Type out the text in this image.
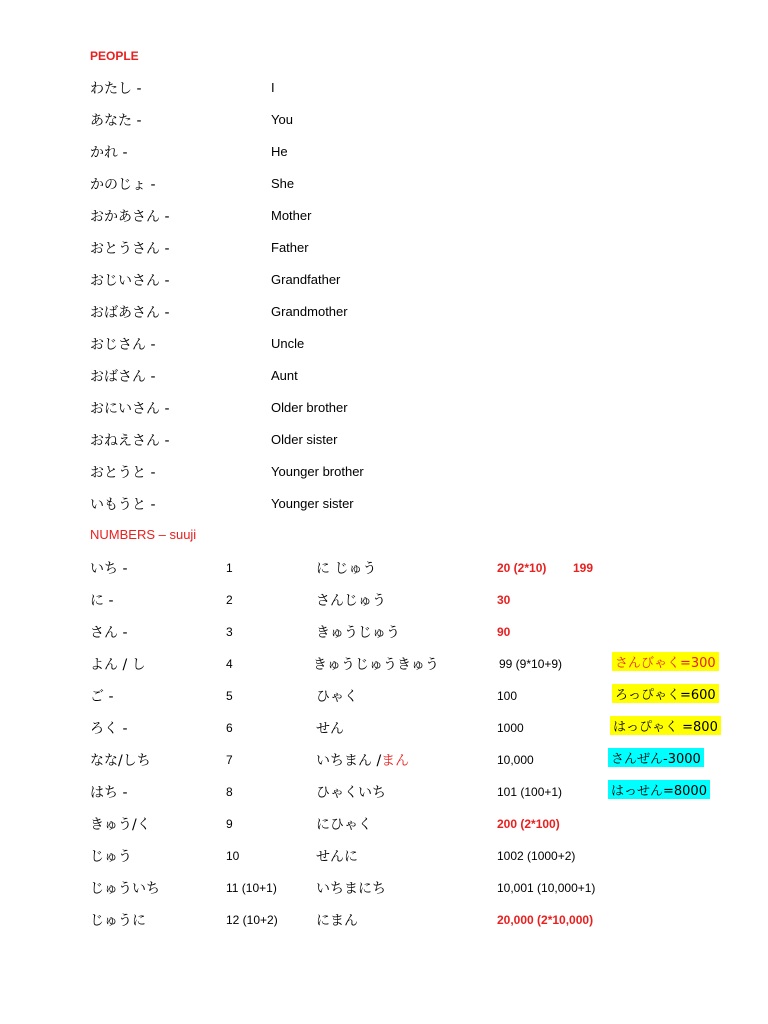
PEOPLE
わたし -	I
あなた -	You
かれ -	He
かのじょ -	She
おかあさん -	Mother
おとうさん -	Father
おじいさん -	Grandfather
おばあさん -	Grandmother
おじさん -	Uncle
おばさん -	Aunt
おにいさん -	Older brother
おねえさん -	Older sister
おとうと -	Younger brother
いもうと -	Younger sister
NUMBERS – suuji
いち -	1	に じゅう	20 (2*10) 199
に -	2	さんじゅう	30
さん -	3	きゅうじゅう	90
よん / し	4	きゅうじゅうきゅう	99 (9*10+9)	さんびゃく=300
ご -	5	ひゃく	100	ろっぴゃく=600
ろく -	6	せん	1000	はっぴゃく =800
なな/しち	7	いちまん /まん	10,000	さんぜん-3000
はち -	8	ひゃくいち	101 (100+1)	はっせん=8000
きゅう/く	9	にひゃく	200 (2*100)
じゅう	10	せんに	1002 (1000+2)
じゅういち	11 (10+1)	いちまにち	10,001 (10,000+1)
じゅうに	12 (10+2)	にまん	20,000 (2*10,000)
